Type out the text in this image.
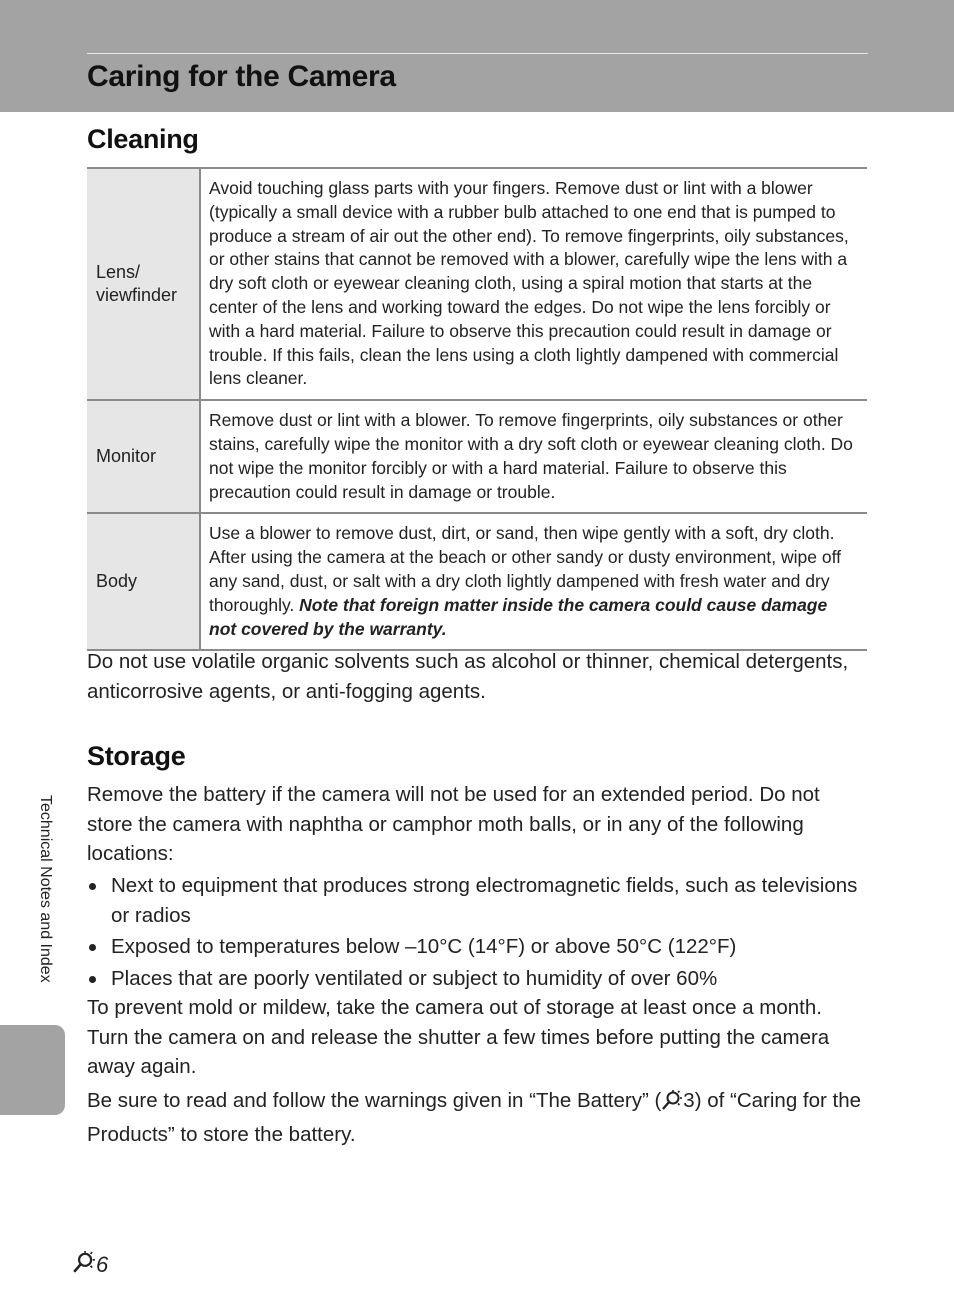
Caring for the Camera
Cleaning
Lens/
viewfinder	Avoid touching glass parts with your fingers. Remove dust or lint with a blower (typically a small device with a rubber bulb attached to one end that is pumped to produce a stream of air out the other end). To remove fingerprints, oily substances, or other stains that cannot be removed with a blower, carefully wipe the lens with a dry soft cloth or eyewear cleaning cloth, using a spiral motion that starts at the center of the lens and working toward the edges. Do not wipe the lens forcibly or with a hard material. Failure to observe this precaution could result in damage or trouble. If this fails, clean the lens using a cloth lightly dampened with commercial lens cleaner.
Monitor	Remove dust or lint with a blower. To remove fingerprints, oily substances or other stains, carefully wipe the monitor with a dry soft cloth or eyewear cleaning cloth. Do not wipe the monitor forcibly or with a hard material. Failure to observe this precaution could result in damage or trouble.
Body	Use a blower to remove dust, dirt, or sand, then wipe gently with a soft, dry cloth. After using the camera at the beach or other sandy or dusty environment, wipe off any sand, dust, or salt with a dry cloth lightly dampened with fresh water and dry thoroughly. Note that foreign matter inside the camera could cause damage not covered by the warranty.

Do not use volatile organic solvents such as alcohol or thinner, chemical detergents, anticorrosive agents, or anti-fogging agents.

Storage

Remove the battery if the camera will not be used for an extended period. Do not store the camera with naphtha or camphor moth balls, or in any of the following locations:

Next to equipment that produces strong electromagnetic fields, such as televisions or radios
Exposed to temperatures below –10°C (14°F) or above 50°C (122°F)
Places that are poorly ventilated or subject to humidity of over 60%

To prevent mold or mildew, take the camera out of storage at least once a month. Turn the camera on and release the shutter a few times before putting the camera away again.

Be sure to read and follow the warnings given in “The Battery” ( 3) of “Caring for the Products” to store the battery.

Technical Notes and Index
6
